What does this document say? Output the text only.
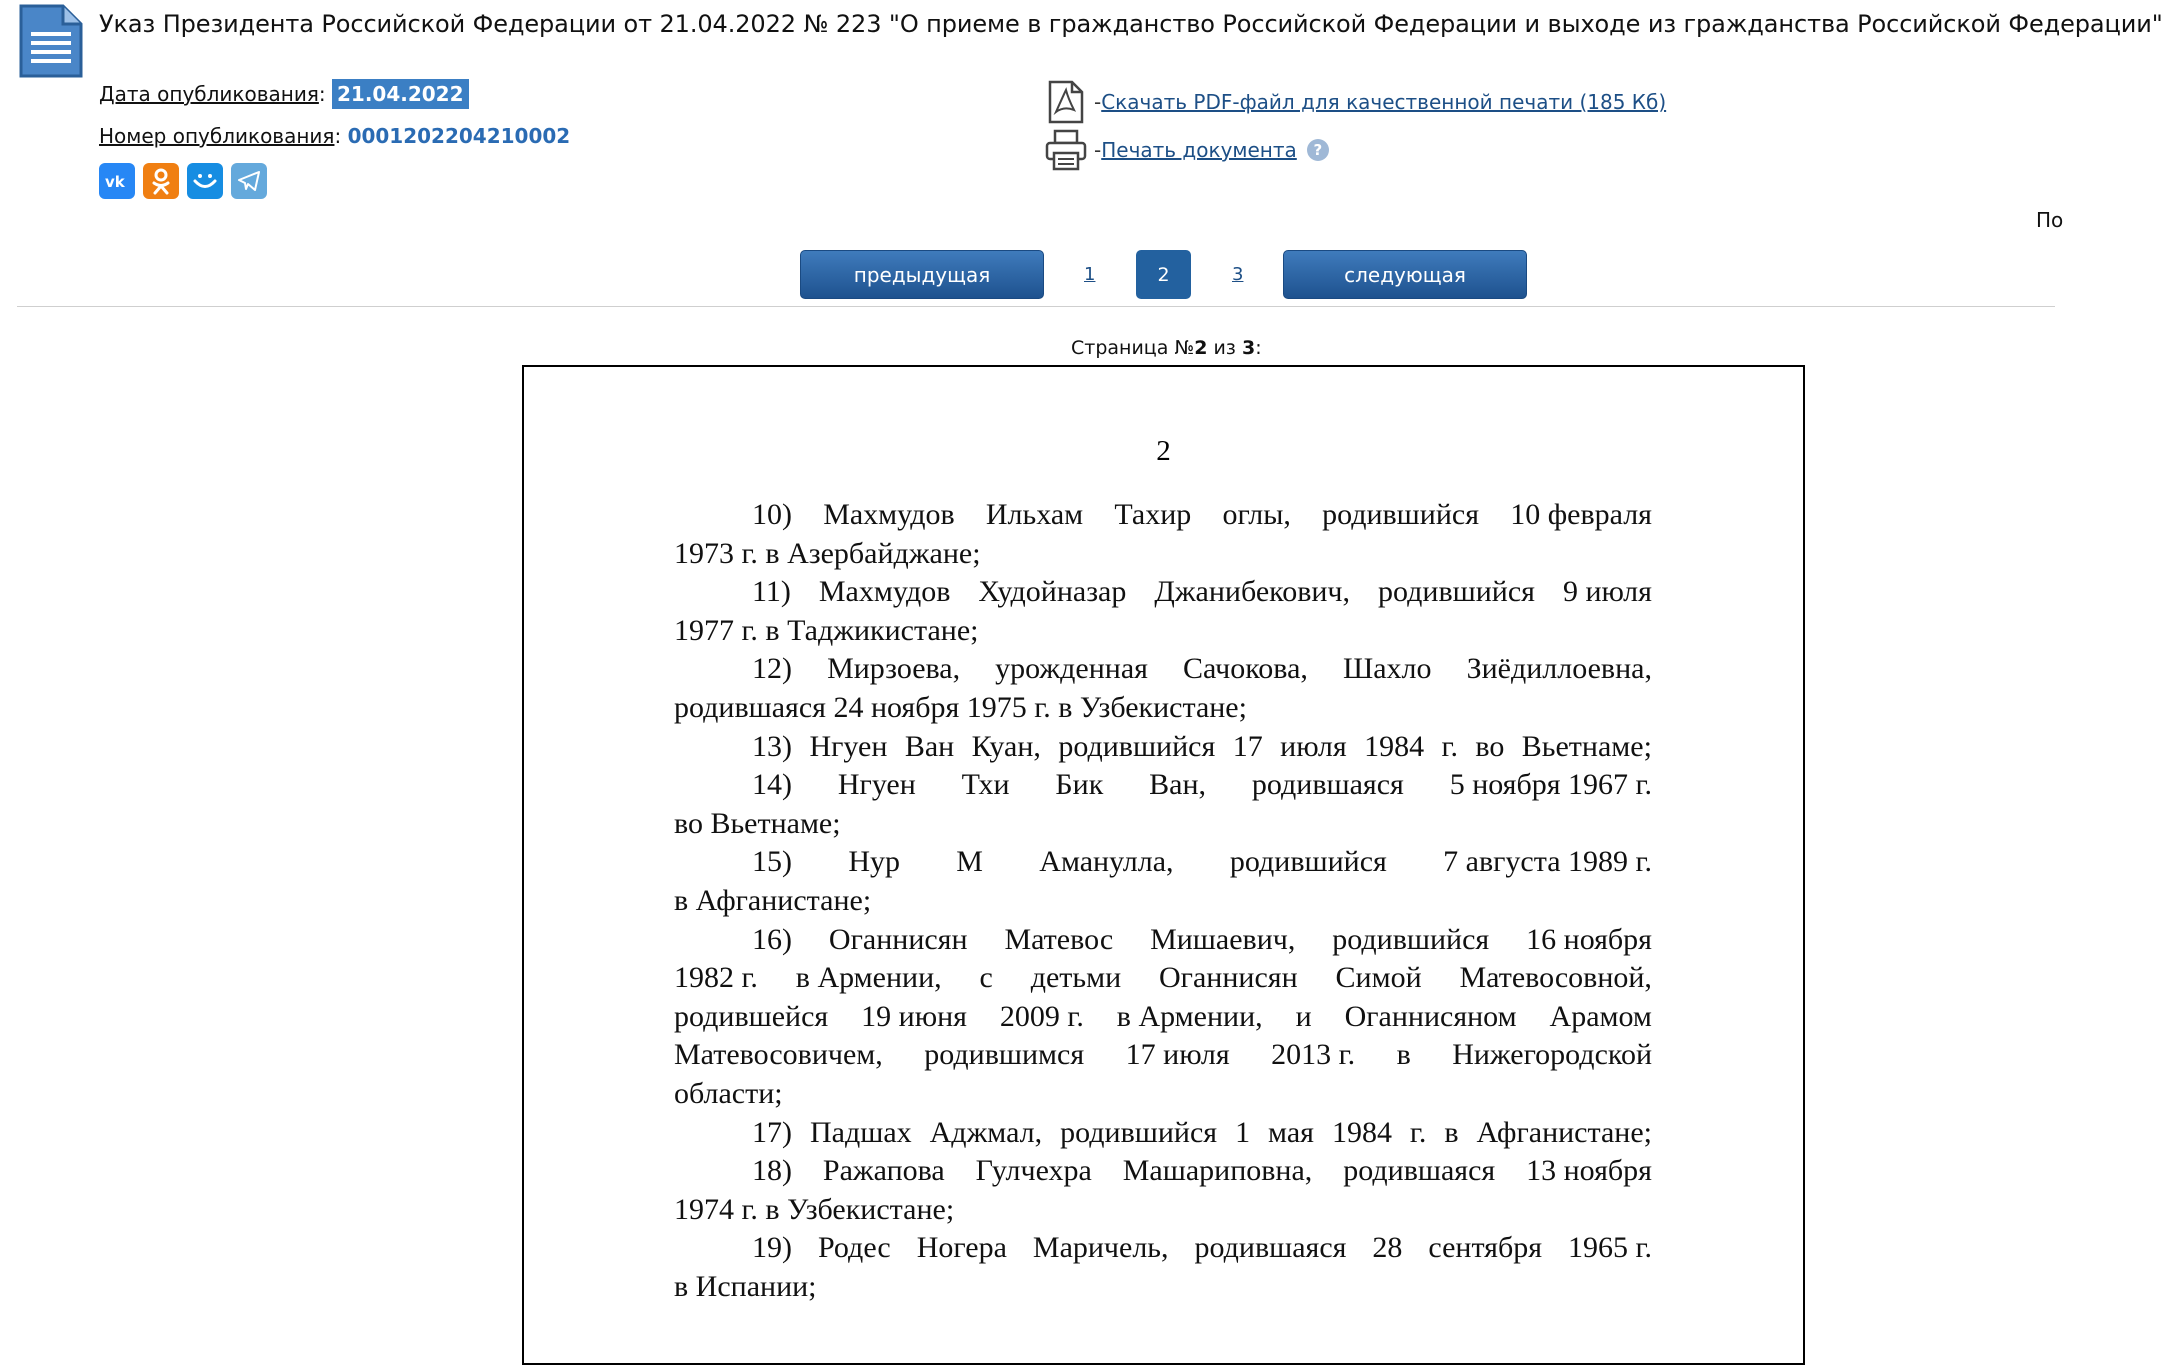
Указ Президента Российской Федерации от 21.04.2022 № 223 "О приеме в гражданство Российской Федерации и выходе из гражданства Российской Федерации"
Дата опубликования: 21.04.2022
Номер опубликования: 0001202204210002
vk
- Скачать PDF-файл для качественной печати (185 Кб)
- Печать документа	?
По
предыдущая	1	2	3	следующая
Страница №2 из 3:
2
10) Махмудов Ильхам Тахир оглы, родившийся 10 февраля
1973 г. в Азербайджане;
11) Махмудов Худойназар Джанибекович, родившийся 9 июля
1977 г. в Таджикистане;
12) Мирзоева, урожденная Сачокова, Шахло Зиёдиллоевна,
родившаяся 24 ноября 1975 г. в Узбекистане;
13) Нгуен Ван Куан, родившийся 17 июля 1984 г. во Вьетнаме;
14) Нгуен Тхи Бик Ван, родившаяся 5 ноября 1967 г.
во Вьетнаме;
15) Нур М Аманулла, родившийся 7 августа 1989 г.
в Афганистане;
16) Оганнисян Матевос Мишаевич, родившийся 16 ноября
1982 г. в Армении, с детьми Оганнисян Симой Матевосовной,
родившейся 19 июня 2009 г. в Армении, и Оганнисяном Арамом
Матевосовичем, родившимся 17 июля 2013 г. в Нижегородской
области;
17) Падшах Аджмал, родившийся 1 мая 1984 г. в Афганистане;
18) Ражапова Гулчехра Машариповна, родившаяся 13 ноября
1974 г. в Узбекистане;
19) Родес Ногера Маричель, родившаяся 28 сентября 1965 г.
в Испании;
